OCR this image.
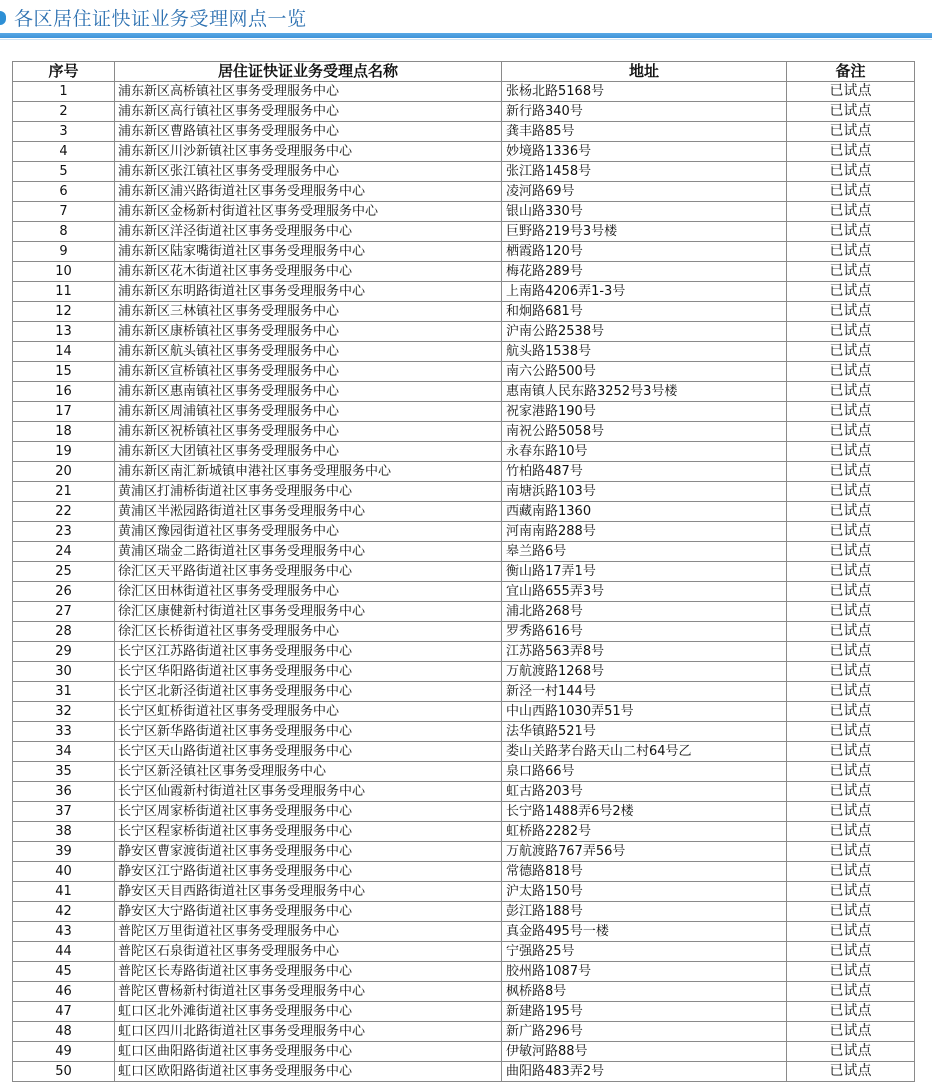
各区居住证快证业务受理网点一览
序号	居住证快证业务受理点名称	地址	备注
1	浦东新区高桥镇社区事务受理服务中心	张杨北路5168号	已试点
2	浦东新区高行镇社区事务受理服务中心	新行路340号	已试点
3	浦东新区曹路镇社区事务受理服务中心	龚丰路85号	已试点
4	浦东新区川沙新镇社区事务受理服务中心	妙境路1336号	已试点
5	浦东新区张江镇社区事务受理服务中心	张江路1458号	已试点
6	浦东新区浦兴路街道社区事务受理服务中心	凌河路69号	已试点
7	浦东新区金杨新村街道社区事务受理服务中心	银山路330号	已试点
8	浦东新区洋泾街道社区事务受理服务中心	巨野路219号3号楼	已试点
9	浦东新区陆家嘴街道社区事务受理服务中心	栖霞路120号	已试点
10	浦东新区花木街道社区事务受理服务中心	梅花路289号	已试点
11	浦东新区东明路街道社区事务受理服务中心	上南路4206弄1-3号	已试点
12	浦东新区三林镇社区事务受理服务中心	和炯路681号	已试点
13	浦东新区康桥镇社区事务受理服务中心	沪南公路2538号	已试点
14	浦东新区航头镇社区事务受理服务中心	航头路1538号	已试点
15	浦东新区宣桥镇社区事务受理服务中心	南六公路500号	已试点
16	浦东新区惠南镇社区事务受理服务中心	惠南镇人民东路3252号3号楼	已试点
17	浦东新区周浦镇社区事务受理服务中心	祝家港路190号	已试点
18	浦东新区祝桥镇社区事务受理服务中心	南祝公路5058号	已试点
19	浦东新区大团镇社区事务受理服务中心	永春东路10号	已试点
20	浦东新区南汇新城镇申港社区事务受理服务中心	竹柏路487号	已试点
21	黄浦区打浦桥街道社区事务受理服务中心	南塘浜路103号	已试点
22	黄浦区半淞园路街道社区事务受理服务中心	西藏南路1360	已试点
23	黄浦区豫园街道社区事务受理服务中心	河南南路288号	已试点
24	黄浦区瑞金二路街道社区事务受理服务中心	皋兰路6号	已试点
25	徐汇区天平路街道社区事务受理服务中心	衡山路17弄1号	已试点
26	徐汇区田林街道社区事务受理服务中心	宜山路655弄3号	已试点
27	徐汇区康健新村街道社区事务受理服务中心	浦北路268号	已试点
28	徐汇区长桥街道社区事务受理服务中心	罗秀路616号	已试点
29	长宁区江苏路街道社区事务受理服务中心	江苏路563弄8号	已试点
30	长宁区华阳路街道社区事务受理服务中心	万航渡路1268号	已试点
31	长宁区北新泾街道社区事务受理服务中心	新泾一村144号	已试点
32	长宁区虹桥街道社区事务受理服务中心	中山西路1030弄51号	已试点
33	长宁区新华路街道社区事务受理服务中心	法华镇路521号	已试点
34	长宁区天山路街道社区事务受理服务中心	娄山关路茅台路天山二村64号乙	已试点
35	长宁区新泾镇社区事务受理服务中心	泉口路66号	已试点
36	长宁区仙霞新村街道社区事务受理服务中心	虹古路203号	已试点
37	长宁区周家桥街道社区事务受理服务中心	长宁路1488弄6号2楼	已试点
38	长宁区程家桥街道社区事务受理服务中心	虹桥路2282号	已试点
39	静安区曹家渡街道社区事务受理服务中心	万航渡路767弄56号	已试点
40	静安区江宁路街道社区事务受理服务中心	常德路818号	已试点
41	静安区天目西路街道社区事务受理服务中心	沪太路150号	已试点
42	静安区大宁路街道社区事务受理服务中心	彭江路188号	已试点
43	普陀区万里街道社区事务受理服务中心	真金路495号一楼	已试点
44	普陀区石泉街道社区事务受理服务中心	宁强路25号	已试点
45	普陀区长寿路街道社区事务受理服务中心	胶州路1087号	已试点
46	普陀区曹杨新村街道社区事务受理服务中心	枫桥路8号	已试点
47	虹口区北外滩街道社区事务受理服务中心	新建路195号	已试点
48	虹口区四川北路街道社区事务受理服务中心	新广路296号	已试点
49	虹口区曲阳路街道社区事务受理服务中心	伊敏河路88号	已试点
50	虹口区欧阳路街道社区事务受理服务中心	曲阳路483弄2号	已试点
